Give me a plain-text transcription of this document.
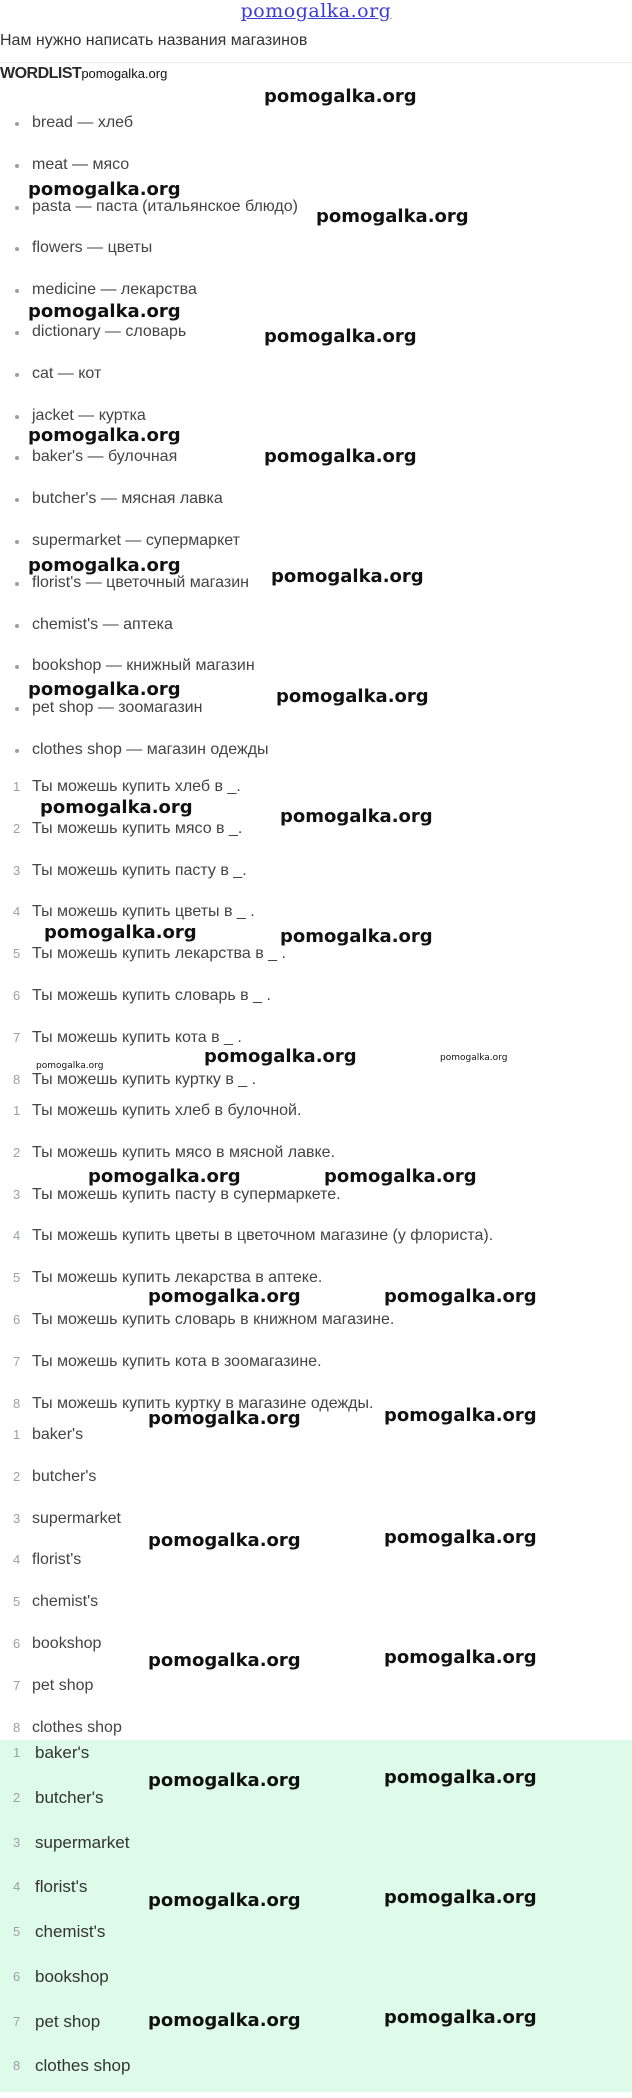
pomogalka.org
Нам нужно написать названия магазинов
WORDLISTpomogalka.org
bread — хлеб
meat — мясо
pasta — паста (итальянское блюдо)
flowers — цветы
medicine — лекарства
dictionary — словарь
cat — кот
jacket — куртка
baker's — булочная
butcher's — мясная лавка
supermarket — супермаркет
florist's — цветочный магазин
chemist's — аптека
bookshop — книжный магазин
pet shop — зоомагазин
clothes shop — магазин одежды
1 Ты можешь купить хлеб в _.
2 Ты можешь купить мясо в _.
3 Ты можешь купить пасту в _.
4 Ты можешь купить цветы в _ .
5 Ты можешь купить лекарства в _ .
6 Ты можешь купить словарь в _ .
7 Ты можешь купить кота в _ .
8 Ты можешь купить куртку в _ .
1 Ты можешь купить хлеб в булочной.
2 Ты можешь купить мясо в мясной лавке.
3 Ты можешь купить пасту в супермаркете.
4 Ты можешь купить цветы в цветочном магазине (у флориста).
5 Ты можешь купить лекарства в аптеке.
6 Ты можешь купить словарь в книжном магазине.
7 Ты можешь купить кота в зоомагазине.
8 Ты можешь купить куртку в магазине одежды.
1 baker's
2 butcher's
3 supermarket
4 florist's
5 chemist's
6 bookshop
7 pet shop
8 clothes shop
1 baker's
2 butcher's
3 supermarket
4 florist's
5 chemist's
6 bookshop
7 pet shop
8 clothes shop
pomogalka.org
pomogalka.org
pomogalka.org
pomogalka.org
pomogalka.org
pomogalka.org
pomogalka.org
pomogalka.org
pomogalka.org
pomogalka.org	pomogalka.org
pomogalka.org	pomogalka.org
pomogalka.org	pomogalka.org
pomogalka.org	pomogalka.org	pomogalka.org
pomogalka.org	pomogalka.org
pomogalka.org	pomogalka.org
pomogalka.org	pomogalka.org
pomogalka.org	pomogalka.org
pomogalka.org	pomogalka.org
pomogalka.org	pomogalka.org
pomogalka.org	pomogalka.org
pomogalka.org	pomogalka.org
